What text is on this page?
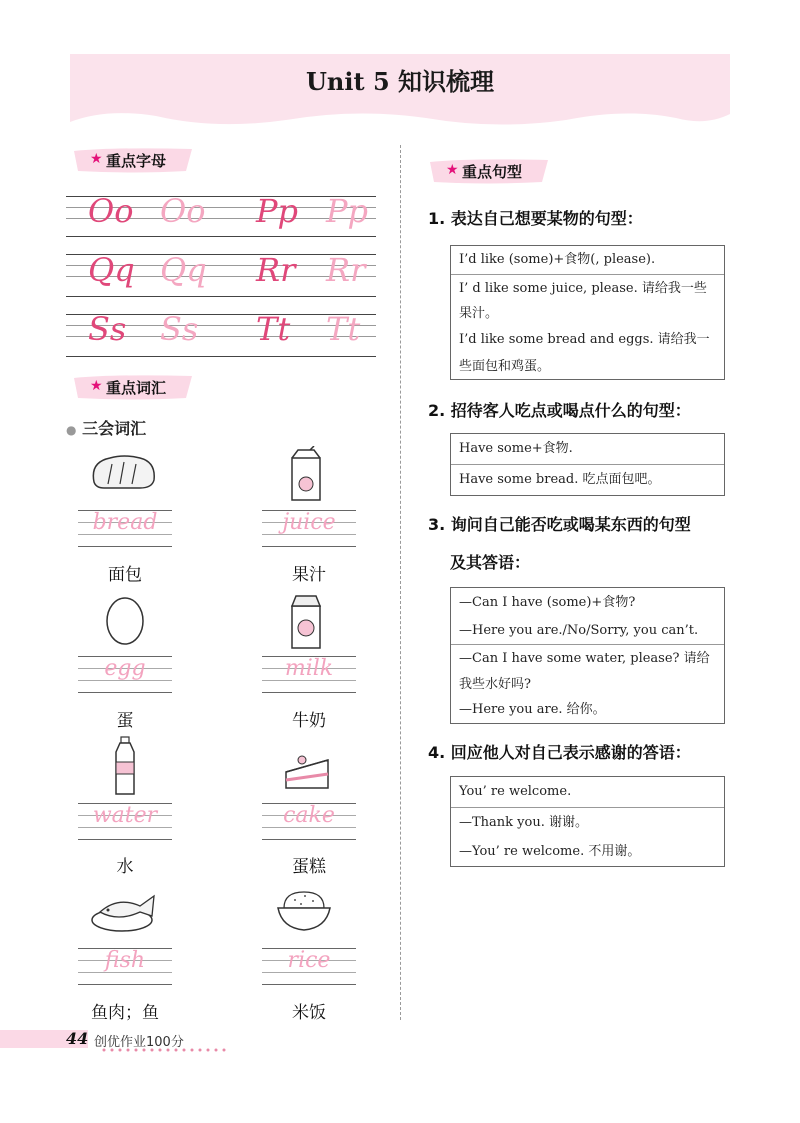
Unit 5 知识梳理
★ 重点字母
Oo Oo Pp Pp
Qq Qq Rr Rr
Ss Ss Tt Tt
★ 重点词汇
● 三会词汇
bread	juice
面包	果汁
egg	milk
蛋	牛奶
water	cake
水	蛋糕
fish	rice
鱼肉；鱼	米饭
★ 重点句型
1. 表达自己想要某物的句型：
I’d like (some)+食物(, please).
I’ d like some juice, please. 请给我一些
果汁。
I’d like some bread and eggs. 请给我一
些面包和鸡蛋。
2. 招待客人吃点或喝点什么的句型：
Have some+食物.
Have some bread. 吃点面包吧。
3. 询问自己能否吃或喝某东西的句型
及其答语：
—Can I have (some)+食物?
—Here you are./No/Sorry, you can’t.
—Can I have some water, please? 请给
我些水好吗?
—Here you are. 给你。
4. 回应他人对自己表示感谢的答语：
You’ re welcome.
—Thank you. 谢谢。
—You’ re welcome. 不用谢。
44 创优作业100分
